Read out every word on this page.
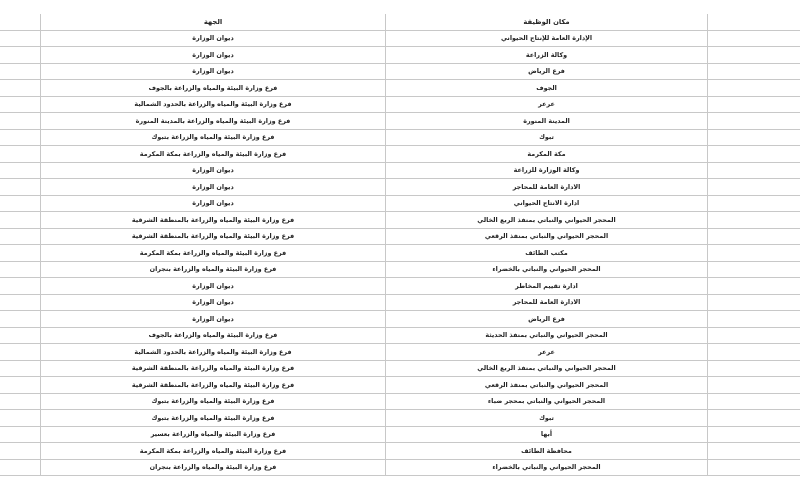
الجهة	مكان الوظيفة
ديوان الوزارة	الإدارة العامة للإنتاج الحيواني
ديوان الوزارة	وكالة الزراعة
ديوان الوزارة	فرع الرياض
فرع وزارة البيئة والمياه والزراعة بالجوف	الجوف
فرع وزارة البيئة والمياه والزراعة بالحدود الشمالية	عرعر
فرع وزارة البيئة والمياه والزراعة بالمدينة المنورة	المدينة المنورة
فرع وزارة البيئة والمياه والزراعة بتبوك	تبوك
فرع وزارة البيئة والمياه والزراعة بمكة المكرمة	مكة المكرمة
ديوان الوزارة	وكالة الوزارة للزراعة
ديوان الوزارة	الادارة العامة للمحاجر
ديوان الوزارة	ادارة الانتاج الحيواني
فرع وزارة البيئة والمياه والزراعة بالمنطقة الشرقية	المحجر الحيواني والنباتي بمنفذ الربع الخالي
فرع وزارة البيئة والمياه والزراعة بالمنطقة الشرقية	المحجر الحيواني والنباتي بمنفذ الرقعي
فرع وزارة البيئة والمياه والزراعة بمكة المكرمة	مكتب الطائف
فرع وزارة البيئة والمياه والزراعة بنجران	المحجر الحيواني والنباتي بالخضراء
ديوان الوزارة	ادارة تقييم المخاطر
ديوان الوزارة	الادارة العامة للمحاجر
ديوان الوزارة	فرع الرياض
فرع وزارة البيئة والمياه والزراعة بالجوف	المحجر الحيواني والنباتي بمنفذ الحديثة
فرع وزارة البيئة والمياه والزراعة بالحدود الشمالية	عرعر
فرع وزارة البيئة والمياه والزراعة بالمنطقة الشرقية	المحجر الحيواني والنباتي بمنفذ الربع الخالي
فرع وزارة البيئة والمياه والزراعة بالمنطقة الشرقية	المحجر الحيواني والنباتي بمنفذ الرقعي
فرع وزارة البيئة والمياه والزراعة بتبوك	المحجر الحيواني والنباتي بمحجر ضباء
فرع وزارة البيئة والمياه والزراعة بتبوك	تبوك
فرع وزارة البيئة والمياه والزراعة بعسير	أبها
فرع وزارة البيئة والمياه والزراعة بمكة المكرمة	محافظة الطائف
فرع وزارة البيئة والمياه والزراعة بنجران	المحجر الحيواني والنباتي بالخضراء
